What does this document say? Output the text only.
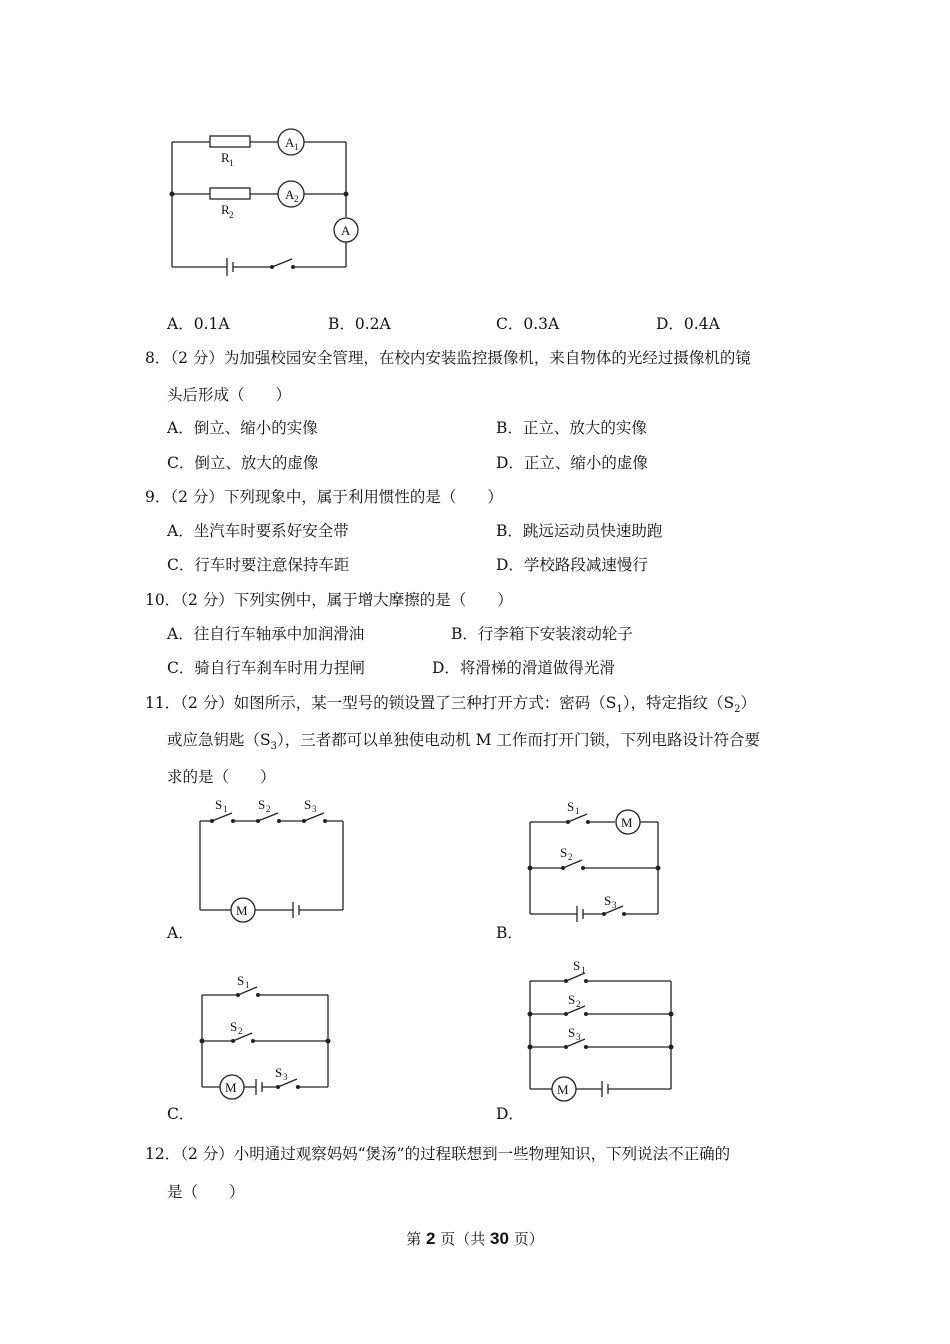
A 1
R 1
A 2
R 2
A
A．0.1A	B．0.2A	C．0.3A	D．0.4A
8．（2 分）为加强校园安全管理，在校内安装监控摄像机，来自物体的光经过摄像机的镜
头后形成（　　）
A．倒立、缩小的实像	B．正立、放大的实像
C．倒立、放大的虚像	D．正立、缩小的虚像
9．（2 分）下列现象中，属于利用惯性的是（　　）
A．坐汽车时要系好安全带	B．跳远运动员快速助跑
C．行车时要注意保持车距	D．学校路段减速慢行
10．（2 分）下列实例中，属于增大摩擦的是（　　）
A．往自行车轴承中加润滑油	B．行李箱下安装滚动轮子
C．骑自行车刹车时用力捏闸	D．将滑梯的滑道做得光滑
11．（2 分）如图所示，某一型号的锁设置了三种打开方式：密码$(S_1)$，特定指纹$(S_2)$
或应急钥匙$(S_3)$，三者都可以单独使电动机 M 工作而打开门锁，下列电路设计符合要
求的是（　　）
S 1 S 2	S 3
M
A．
M
S 1
S 2
S 3
B．
S 1
S 2
M
S 3
C．
S 1
S 2
S 3
M
D．
12．（2 分）小明通过观察妈妈“煲汤”的过程联想到一些物理知识，下列说法不正确的
是（　　）
第 2 页（共 30 页）
